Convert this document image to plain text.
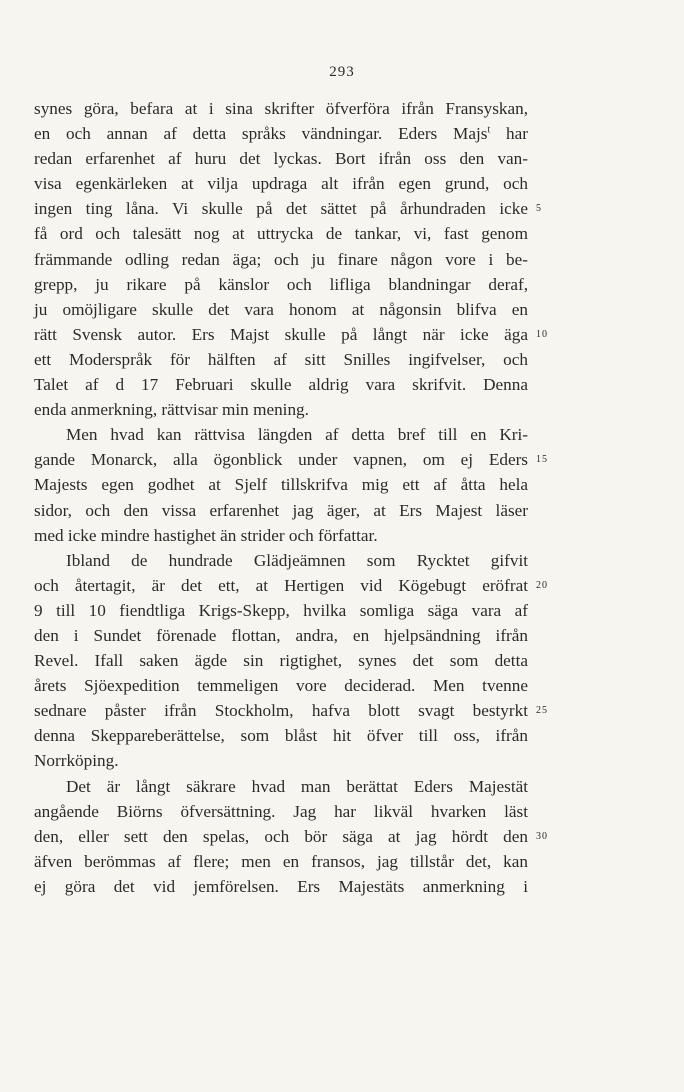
293
synes göra, befara at i sina skrifter öfverföra ifrån Fransyskan,
en och annan af detta språks vändningar. Eders Majs$^t$ har
redan erfarenhet af huru det lyckas. Bort ifrån oss den van-
visa egenkärleken at vilja updraga alt ifrån egen grund, och
ingen ting låna. Vi skulle på det sättet på århundraden icke 5
få ord och talesätt nog at uttrycka de tankar, vi, fast genom
främmande odling redan äga; och ju finare någon vore i be-
grepp, ju rikare på känslor och lifliga blandningar deraf,
ju omöjligare skulle det vara honom at någonsin blifva en
rätt Svensk autor. Ers Majst skulle på långt när icke äga 10
ett Moderspråk för hälften af sitt Snilles ingifvelser, och
Talet af d 17 Februari skulle aldrig vara skrifvit. Denna
enda anmerkning, rättvisar min mening.
Men hvad kan rättvisa längden af detta bref till en Kri-
gande Monarck, alla ögonblick under vapnen, om ej Eders 15
Majests egen godhet at Sjelf tillskrifva mig ett af åtta hela
sidor, och den vissa erfarenhet jag äger, at Ers Majest läser
med icke mindre hastighet än strider och författar.
Ibland de hundrade Glädjeämnen som Rycktet gifvit
och återtagit, är det ett, at Hertigen vid Kögebugt eröfrat 20
9 till 10 fiendtliga Krigs-Skepp, hvilka somliga säga vara af
den i Sundet förenade flottan, andra, en hjelpsändning ifrån
Revel. Ifall saken ägde sin rigtighet, synes det som detta
årets Sjöexpedition temmeligen vore deciderad. Men tvenne
sednare påster ifrån Stockholm, hafva blott svagt bestyrkt 25
denna Skeppareberättelse, som blåst hit öfver till oss, ifrån
Norrköping.
Det är långt säkrare hvad man berättat Eders Majestät
angående Biörns öfversättning. Jag har likväl hvarken läst
den, eller sett den spelas, och bör säga at jag hördt den 30
äfven berömmas af flere; men en fransos, jag tillstår det, kan
ej göra det vid jemförelsen. Ers Majestäts anmerkning i
